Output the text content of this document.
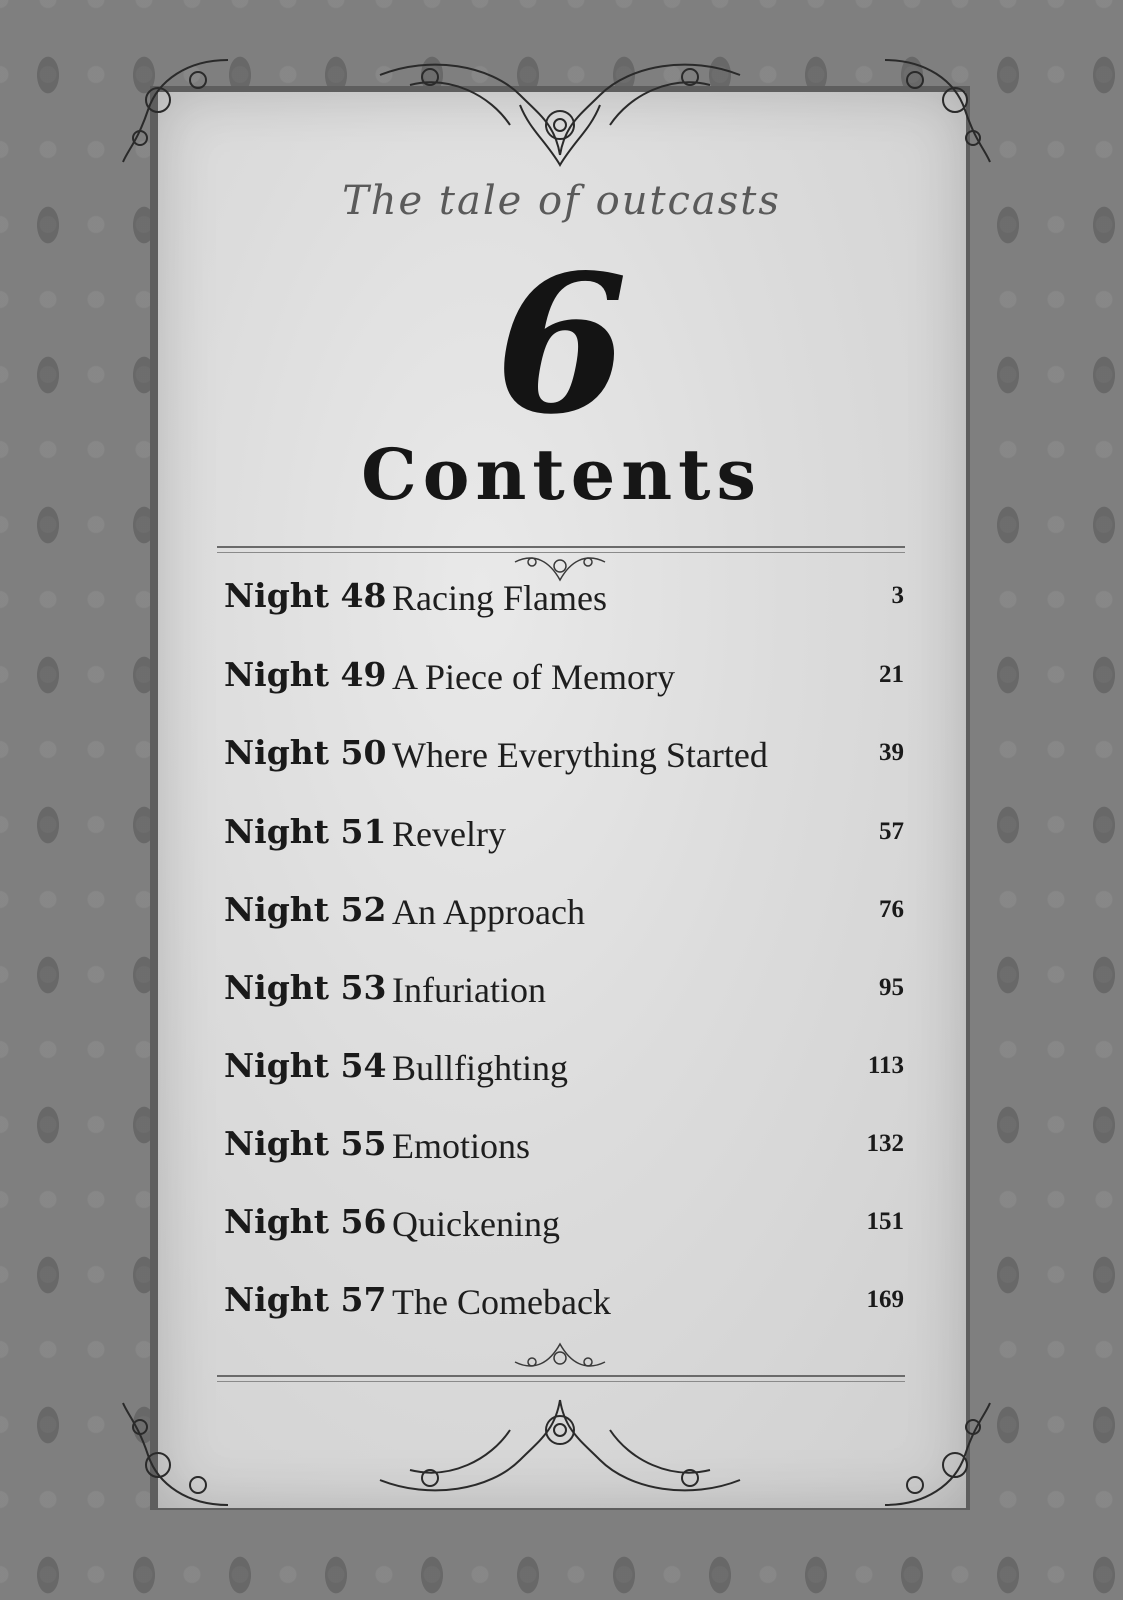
The tale of outcasts
6
Contents
Night 48 Racing Flames	3
Night 49 A Piece of Memory	21
Night 50 Where Everything Started	39
Night 51 Revelry	57
Night 52 An Approach	76
Night 53 Infuriation	95
Night 54 Bullfighting	113
Night 55 Emotions	132
Night 56 Quickening	151
Night 57 The Comeback	169
